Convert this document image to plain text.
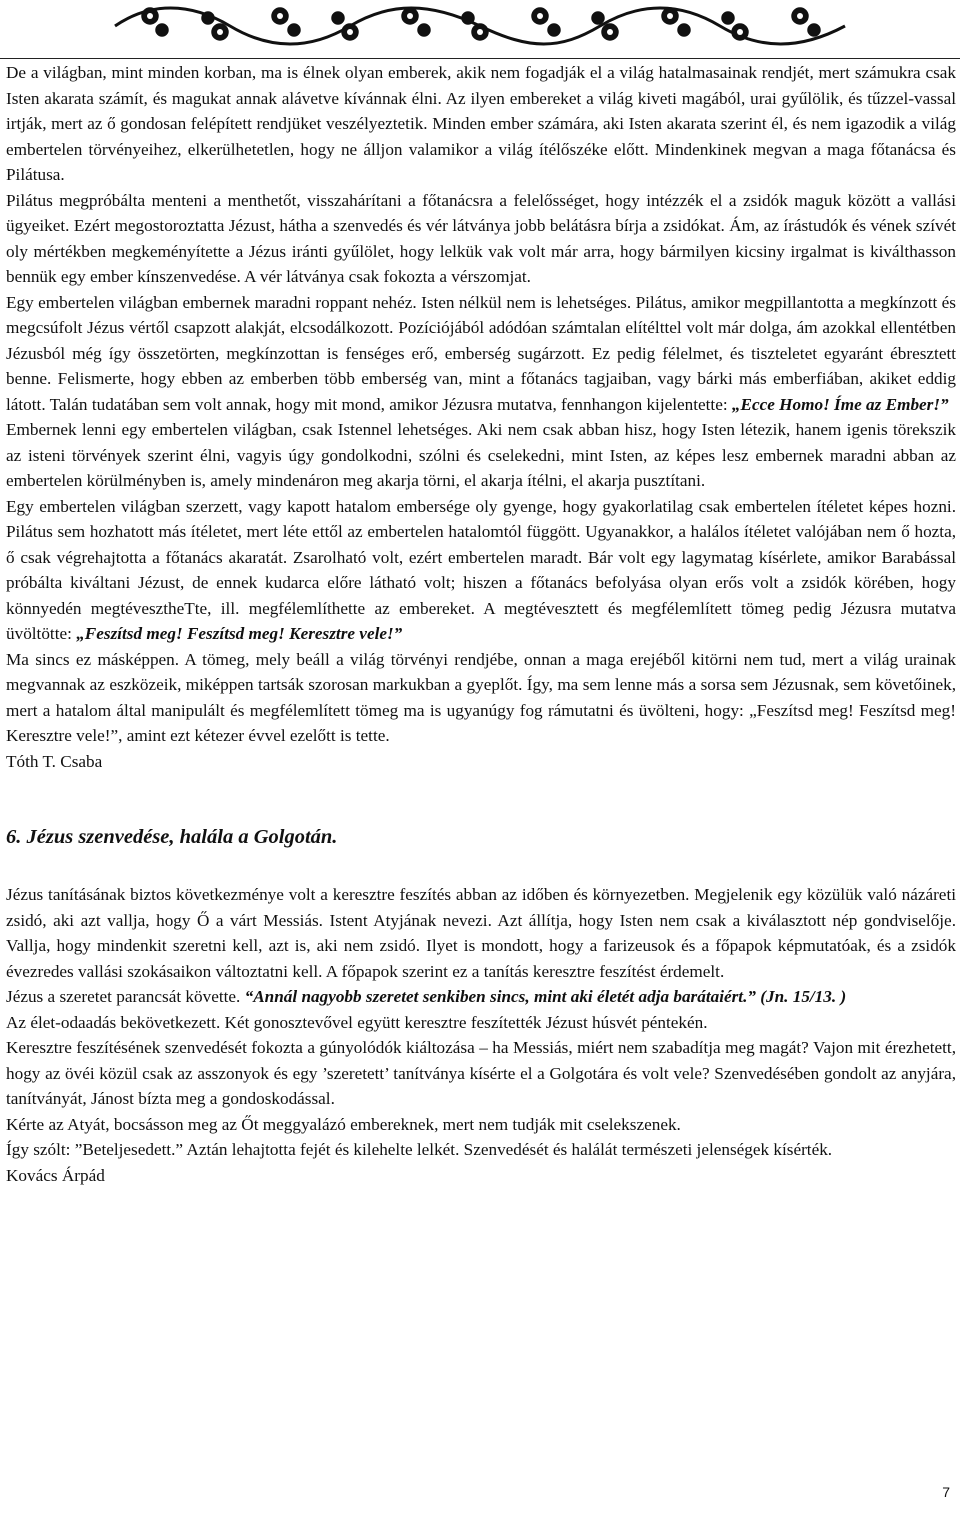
De a világban, mint minden korban, ma is élnek olyan emberek, akik nem fogadják el a világ hatalmasainak rendjét, mert számukra csak Isten akarata számít, és magukat annak alávetve kívánnak élni. Az ilyen embereket a világ kiveti magából, urai gyűlölik, és tűzzel-vassal irtják, mert az ő gondosan felépített rendjüket veszélyeztetik. Minden ember számára, aki Isten akarata szerint él, és nem igazodik a világ embertelen törvényeihez, elkerülhetetlen, hogy ne álljon valamikor a világ ítélőszéke előtt. Mindenkinek megvan a maga főtanácsa és Pilátusa.

Pilátus megpróbálta menteni a menthetőt, visszahárítani a főtanácsra a felelősséget, hogy intézzék el a zsidók maguk között a vallási ügyeiket. Ezért megostoroztatta Jézust, hátha a szenvedés és vér látványa jobb belátásra bírja a zsidókat. Ám, az írástudók és vének szívét oly mértékben megkeményítette a Jézus iránti gyűlölet, hogy lelkük vak volt már arra, hogy bármilyen kicsiny irgalmat is kiválthasson bennük egy ember kínszenvedése. A vér látványa csak fokozta a vérszomjat.

Egy embertelen világban embernek maradni roppant nehéz. Isten nélkül nem is lehetséges. Pilátus, amikor megpillantotta a megkínzott és megcsúfolt Jézus vértől csapzott alakját, elcsodálkozott. Pozíciójából adódóan számtalan elítélttel volt már dolga, ám azokkal ellentétben Jézusból még így összetörten, megkínzottan is fenséges erő, emberség sugárzott. Ez pedig félelmet, és tiszteletet egyaránt ébresztett benne. Felismerte, hogy ebben az emberben több emberség van, mint a főtanács tagjaiban, vagy bárki más emberfiában, akiket eddig látott. Talán tudatában sem volt annak, hogy mit mond, amikor Jézusra mutatva, fennhangon kijelentette: „Ecce Homo! Íme az Ember!”

Embernek lenni egy embertelen világban, csak Istennel lehetséges. Aki nem csak abban hisz, hogy Isten létezik, hanem igenis törekszik az isteni törvények szerint élni, vagyis úgy gondolkodni, szólni és cselekedni, mint Isten, az képes lesz embernek maradni abban az embertelen körülményben is, amely mindenáron meg akarja törni, el akarja ítélni, el akarja pusztítani.

Egy embertelen világban szerzett, vagy kapott hatalom embersége oly gyenge, hogy gyakorlatilag csak embertelen ítéletet képes hozni. Pilátus sem hozhatott más ítéletet, mert léte ettől az embertelen hatalomtól függött. Ugyanakkor, a halálos ítéletet valójában nem ő hozta, ő csak végrehajtotta a főtanács akaratát. Zsarolható volt, ezért embertelen maradt. Bár volt egy lagymatag kísérlete, amikor Barabással próbálta kiváltani Jézust, de ennek kudarca előre látható volt; hiszen a főtanács befolyása olyan erős volt a zsidók körében, hogy könnyedén megtévesztheTte, ill. megfélemlíthette az embereket. A megtévesztett és megfélemlített tömeg pedig Jézusra mutatva üvöltötte: „Feszítsd meg! Feszítsd meg! Keresztre vele!”

Ma sincs ez másképpen. A tömeg, mely beáll a világ törvényi rendjébe, onnan a maga erejéből kitörni nem tud, mert a világ urainak megvannak az eszközeik, miképpen tartsák szorosan markukban a gyeplőt. Így, ma sem lenne más a sorsa sem Jézusnak, sem követőinek, mert a hatalom által manipulált és megfélemlített tömeg ma is ugyanúgy fog rámutatni és üvölteni, hogy: „Feszítsd meg! Feszítsd meg! Keresztre vele!”, amint ezt kétezer évvel ezelőtt is tette.

Tóth T. Csaba

6. Jézus szenvedése, halála a Golgotán.

Jézus tanításának biztos következménye volt a keresztre feszítés abban az időben és környezetben. Megjelenik egy közülük való názáreti zsidó, aki azt vallja, hogy Ő a várt Messiás. Istent Atyjának nevezi. Azt állítja, hogy Isten nem csak a kiválasztott nép gondviselője. Vallja, hogy mindenkit szeretni kell, azt is, aki nem zsidó. Ilyet is mondott, hogy a farizeusok és a főpapok képmutatóak, és a zsidók évezredes vallási szokásaikon változtatni kell. A főpapok szerint ez a tanítás keresztre feszítést érdemelt.

Jézus a szeretet parancsát követte. “Annál nagyobb szeretet senkiben sincs, mint aki életét adja barátaiért.” (Jn. 15/13. )

Az élet-odaadás bekövetkezett. Két gonosztevővel együtt keresztre feszítették Jézust húsvét péntekén.

Keresztre feszítésének szenvedését fokozta a gúnyolódók kiáltozása – ha Messiás, miért nem szabadítja meg magát? Vajon mit érezhetett, hogy az övéi közül csak az asszonyok és egy ’szeretett’ tanítványa kísérte el a Golgotára és volt vele? Szenvedésében gondolt az anyjára, tanítványát, Jánost bízta meg a gondoskodással.

Kérte az Atyát, bocsásson meg az Őt meggyalázó embereknek, mert nem tudják mit cselekszenek.

Így szólt: ”Beteljesedett.” Aztán lehajtotta fejét és kilehelte lelkét. Szenvedését és halálát természeti jelenségek kísérték.

Kovács Árpád

7
